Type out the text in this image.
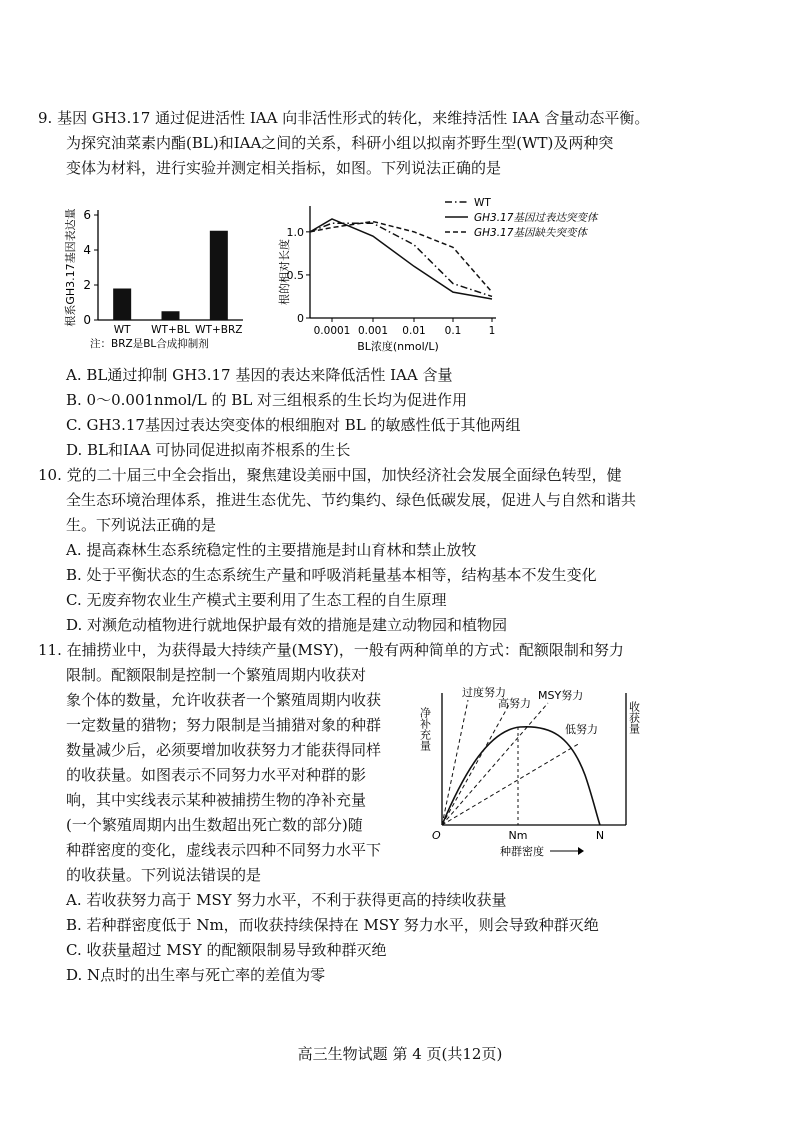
9. 基因 GH3.17 通过促进活性 IAA 向非活性形式的转化，来维持活性 IAA 含量动态平衡。
为探究油菜素内酯(BL)和IAA之间的关系，科研小组以拟南芥野生型(WT)及两种突
变体为材料，进行实验并测定相关指标，如图。下列说法正确的是
0
2
4
6
WT WT+BL WT+BRZ
根系GH3.17基因表达量
注：BRZ是BL合成抑制剂
0
0.5
1.0
0.0001 0.001 0.01 0.1	1
BL浓度(nmol/L)
根的相对长度
WT
GH3.17基因过表达突变体
GH3.17基因缺失突变体
A. BL通过抑制 GH3.17 基因的表达来降低活性 IAA 含量
B. 0～0.001nmol/L 的 BL 对三组根系的生长均为促进作用
C. GH3.17基因过表达突变体的根细胞对 BL 的敏感性低于其他两组
D. BL和IAA 可协同促进拟南芥根系的生长
10. 党的二十届三中全会指出，聚焦建设美丽中国，加快经济社会发展全面绿色转型，健
全生态环境治理体系，推进生态优先、节约集约、绿色低碳发展，促进人与自然和谐共
生。下列说法正确的是
A. 提高森林生态系统稳定性的主要措施是封山育林和禁止放牧
B. 处于平衡状态的生态系统生产量和呼吸消耗量基本相等，结构基本不发生变化
C. 无废弃物农业生产模式主要利用了生态工程的自生原理
D. 对濒危动植物进行就地保护最有效的措施是建立动物园和植物园
11. 在捕捞业中，为获得最大持续产量(MSY)，一般有两种简单的方式：配额限制和努力
限制。配额限制是控制一个繁殖周期内收获对
象个体的数量，允许收获者一个繁殖周期内收获
一定数量的猎物；努力限制是当捕猎对象的种群
数量减少后，必须要增加收获努力才能获得同样
的收获量。如图表示不同努力水平对种群的影
响，其中实线表示某种被捕捞生物的净补充量
(一个繁殖周期内出生数超出死亡数的部分)随
种群密度的变化，虚线表示四种不同努力水平下
的收获量。下列说法错误的是
过度努力
高努力
MSY努力
低努力
净补充量	收获量
O	Nm	N
种群密度
A. 若收获努力高于 MSY 努力水平，不利于获得更高的持续收获量
B. 若种群密度低于 Nm，而收获持续保持在 MSY 努力水平，则会导致种群灭绝
C. 收获量超过 MSY 的配额限制易导致种群灭绝
D. N点时的出生率与死亡率的差值为零
高三生物试题 第 4 页(共12页)
